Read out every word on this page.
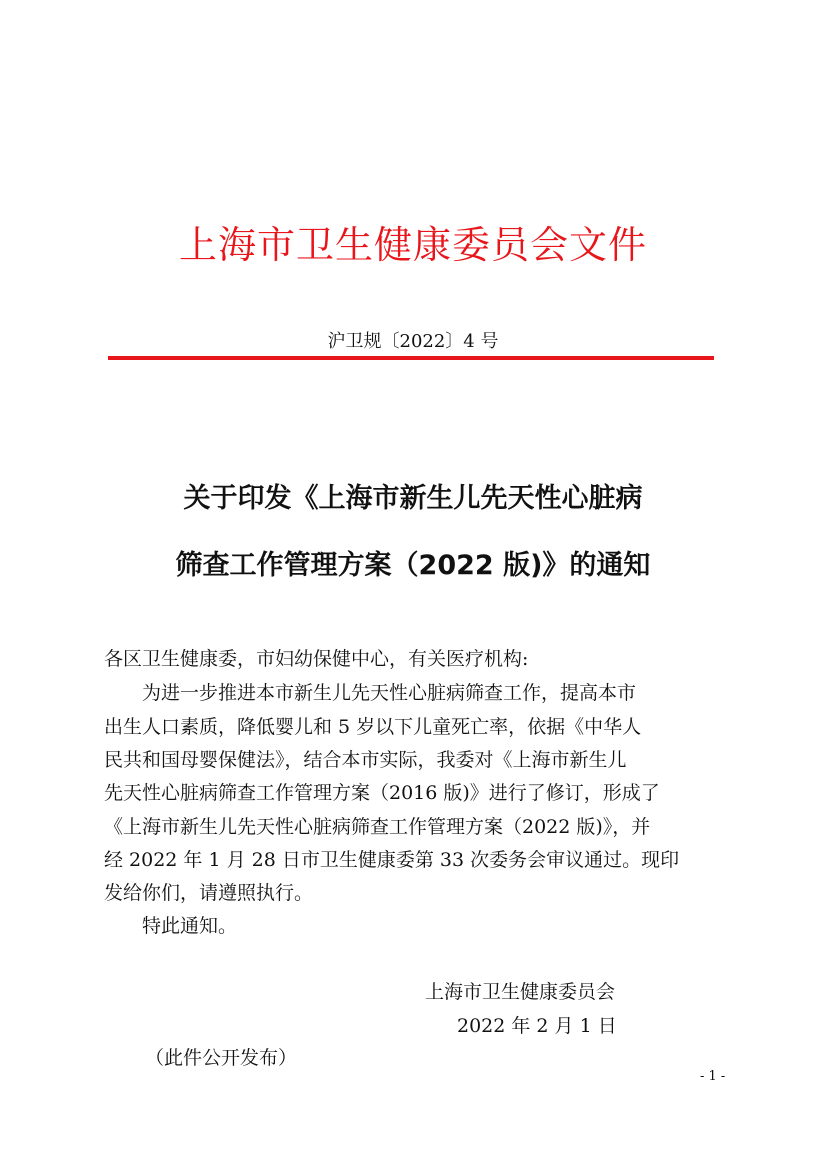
上海市卫生健康委员会文件
沪卫规〔2022〕4 号
关于印发《上海市新生儿先天性心脏病
筛查工作管理方案（2022 版)》的通知
各区卫生健康委，市妇幼保健中心，有关医疗机构:
　　为进一步推进本市新生儿先天性心脏病筛查工作，提高本市
出生人口素质，降低婴儿和 5 岁以下儿童死亡率，依据《中华人
民共和国母婴保健法》，结合本市实际，我委对《上海市新生儿
先天性心脏病筛查工作管理方案（2016 版)》进行了修订，形成了
《上海市新生儿先天性心脏病筛查工作管理方案（2022 版)》，并
经 2022 年 1 月 28 日市卫生健康委第 33 次委务会审议通过。现印
发给你们，请遵照执行。
　　特此通知。
上海市卫生健康委员会
2022 年 2 月 1 日
（此件公开发布）
- 1 -
